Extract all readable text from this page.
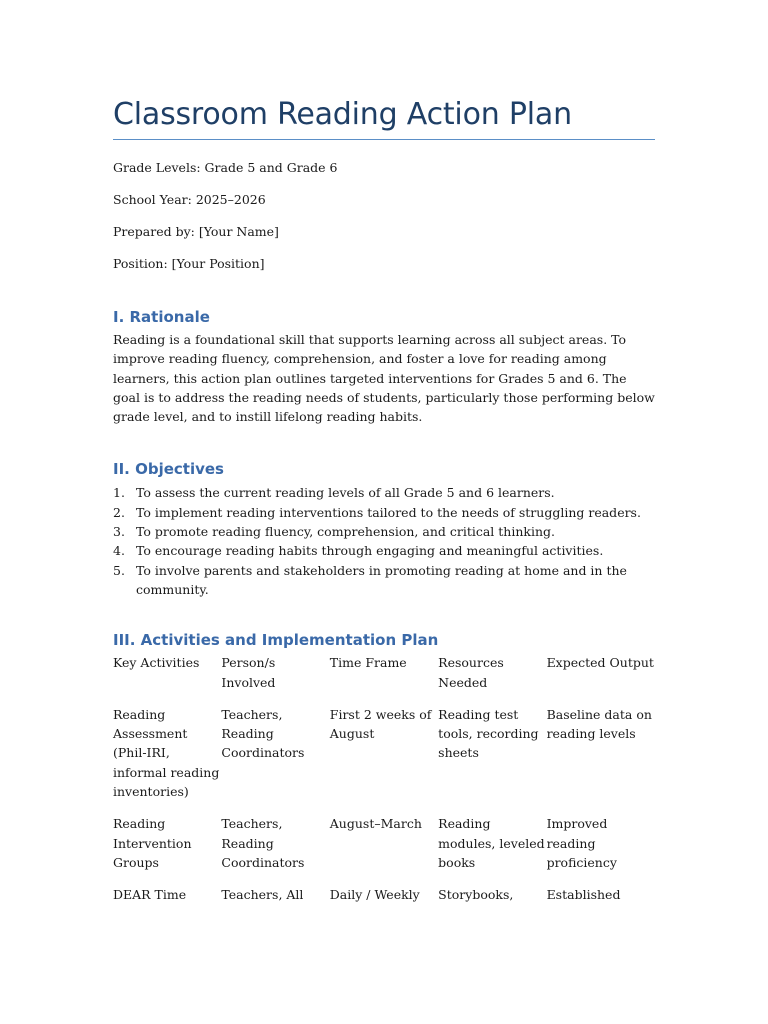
Classroom Reading Action Plan

Grade Levels: Grade 5 and Grade 6

School Year: 2025–2026

Prepared by: [Your Name]

Position: [Your Position]

I. Rationale

Reading is a foundational skill that supports learning across all subject areas. To improve reading fluency, comprehension, and foster a love for reading among learners, this action plan outlines targeted interventions for Grades 5 and 6. The goal is to address the reading needs of students, particularly those performing below grade level, and to instill lifelong reading habits.

II. Objectives
1. To assess the current reading levels of all Grade 5 and 6 learners.
2. To implement reading interventions tailored to the needs of struggling readers.
3. To promote reading fluency, comprehension, and critical thinking.
4. To encourage reading habits through engaging and meaningful activities.
5. To involve parents and stakeholders in promoting reading at home and in the community.
III. Activities and Implementation Plan
Key Activities	Person/s Involved	Time Frame	Resources Needed	Expected Output
Reading Assessment (Phil-IRI, informal reading inventories)	Teachers, Reading Coordinators	First 2 weeks of August	Reading test tools, recording sheets	Baseline data on reading levels
Reading Intervention Groups	Teachers, Reading Coordinators	August–March	Reading modules, leveled books	Improved reading proficiency
DEAR Time	Teachers, All	Daily / Weekly	Storybooks,	Established
